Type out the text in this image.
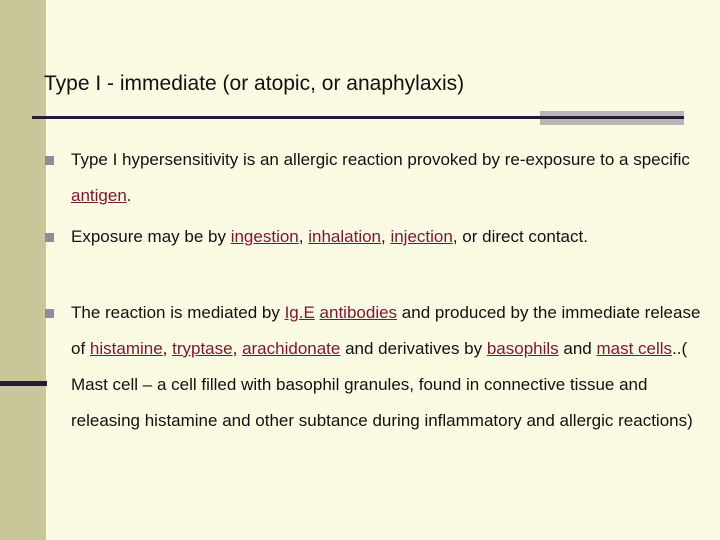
Type I - immediate (or atopic, or anaphylaxis)
Type I hypersensitivity is an allergic reaction provoked by re-exposure to a specific antigen.
Exposure may be by ingestion, inhalation, injection, or direct contact.
The reaction is mediated by Ig.E antibodies and produced by the immediate release of histamine, tryptase, arachidonate and derivatives by basophils and mast cells..( Mast cell – a cell filled with basophil granules, found in connective tissue and releasing histamine and other subtance during inflammatory and allergic reactions)
